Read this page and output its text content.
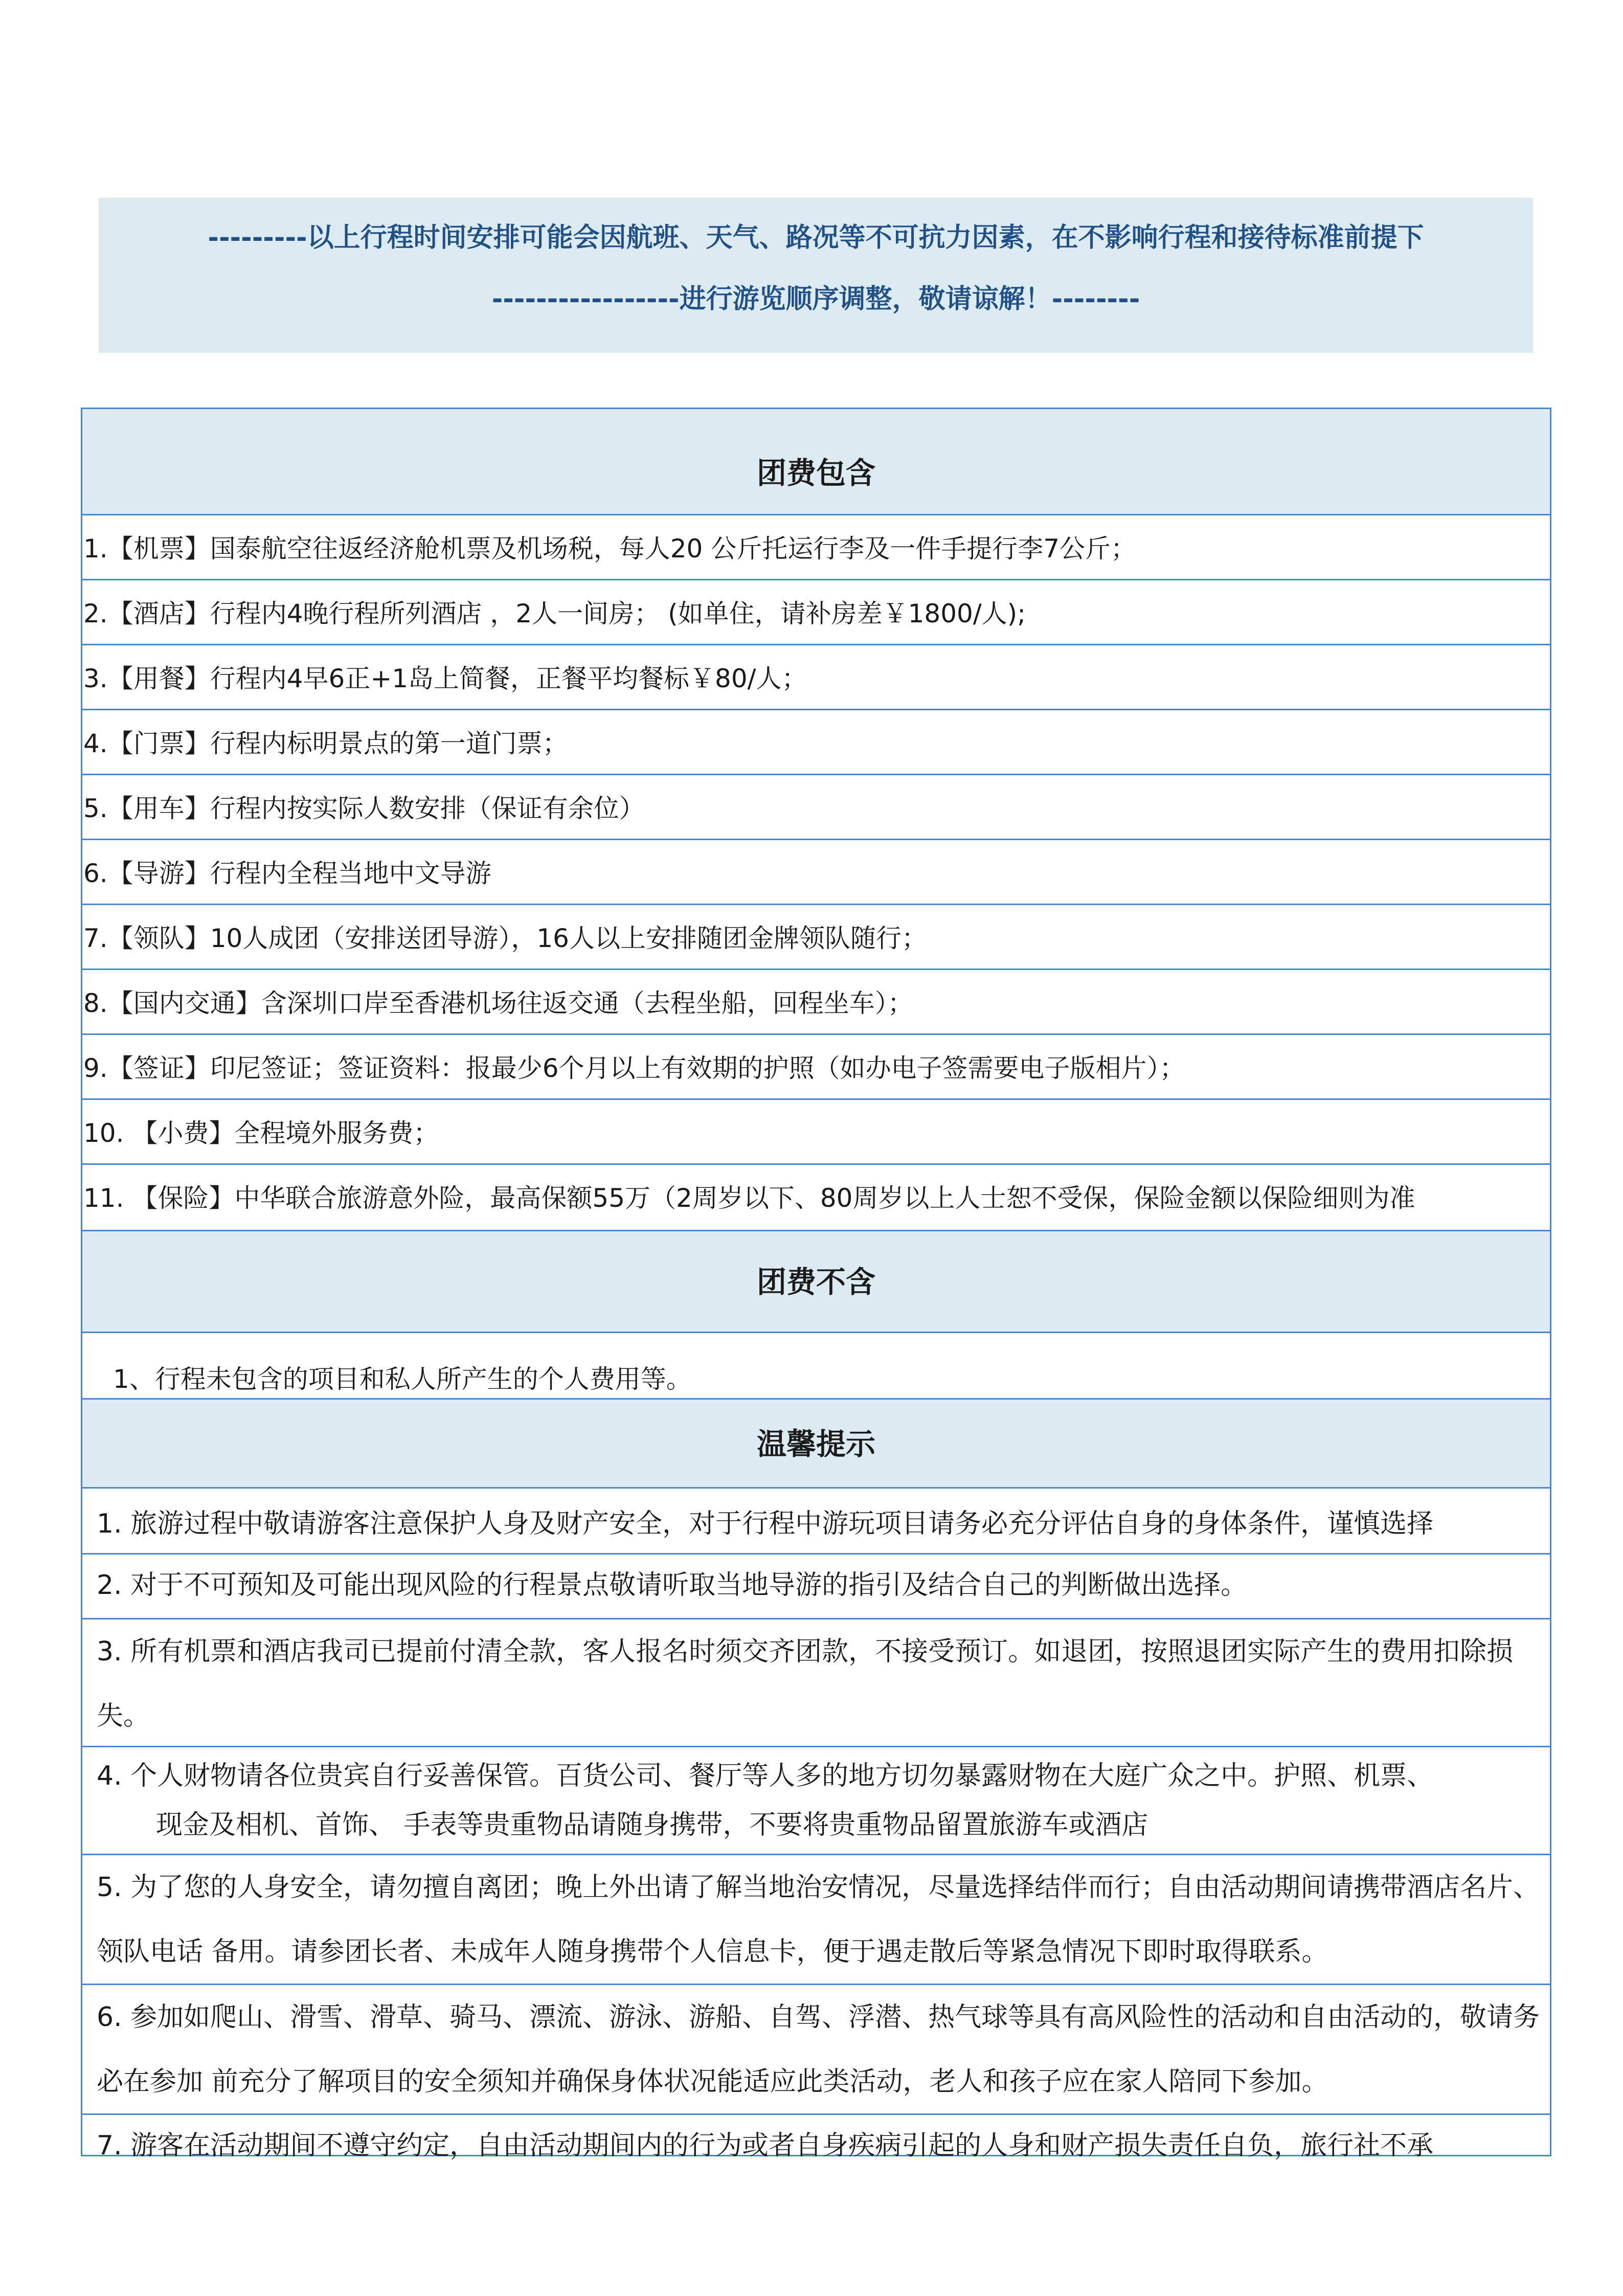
---------以上行程时间安排可能会因航班、天气、路况等不可抗力因素，在不影响行程和接待标准前提下
-----------------进行游览顺序调整，敬请谅解！--------
团费包含
1.【机票】国泰航空往返经济舱机票及机场税，每人20 公斤托运行李及一件手提行李7公斤；
2.【酒店】行程内4晚行程所列酒店 ，2人一间房； (如单住，请补房差￥1800/人);
3.【用餐】行程内4早6正+1岛上简餐，正餐平均餐标￥80/人；
4.【门票】行程内标明景点的第一道门票；
5.【用车】行程内按实际人数安排（保证有余位）
6.【导游】行程内全程当地中文导游
7.【领队】10人成团（安排送团导游），16人以上安排随团金牌领队随行；
8.【国内交通】含深圳口岸至香港机场往返交通（去程坐船，回程坐车）；
9.【签证】印尼签证；签证资料：报最少6个月以上有效期的护照（如办电子签需要电子版相片）；
10. 【小费】全程境外服务费；
11. 【保险】中华联合旅游意外险，最高保额55万（2周岁以下、80周岁以上人士恕不受保，保险金额以保险细则为准
团费不含
1、行程未包含的项目和私人所产生的个人费用等。
温馨提示
1. 旅游过程中敬请游客注意保护人身及财产安全，对于行程中游玩项目请务必充分评估自身的身体条件，谨慎选择
2. 对于不可预知及可能出现风险的行程景点敬请听取当地导游的指引及结合自己的判断做出选择。
3. 所有机票和酒店我司已提前付清全款，客人报名时须交齐团款，不接受预订。如退团，按照退团实际产生的费用扣除损失。
4. 个人财物请各位贵宾自行妥善保管。百货公司、餐厅等人多的地方切勿暴露财物在大庭广众之中。护照、机票、
现金及相机、首饰、 手表等贵重物品请随身携带，不要将贵重物品留置旅游车或酒店
5. 为了您的人身安全，请勿擅自离团；晚上外出请了解当地治安情况，尽量选择结伴而行；自由活动期间请携带酒店名片、领队电话 备用。请参团长者、未成年人随身携带个人信息卡，便于遇走散后等紧急情况下即时取得联系。
6. 参加如爬山、滑雪、滑草、骑马、漂流、游泳、游船、自驾、浮潜、热气球等具有高风险性的活动和自由活动的，敬请务必在参加 前充分了解项目的安全须知并确保身体状况能适应此类活动，老人和孩子应在家人陪同下参加。
7. 游客在活动期间不遵守约定，自由活动期间内的行为或者自身疾病引起的人身和财产损失责任自负，旅行社不承
